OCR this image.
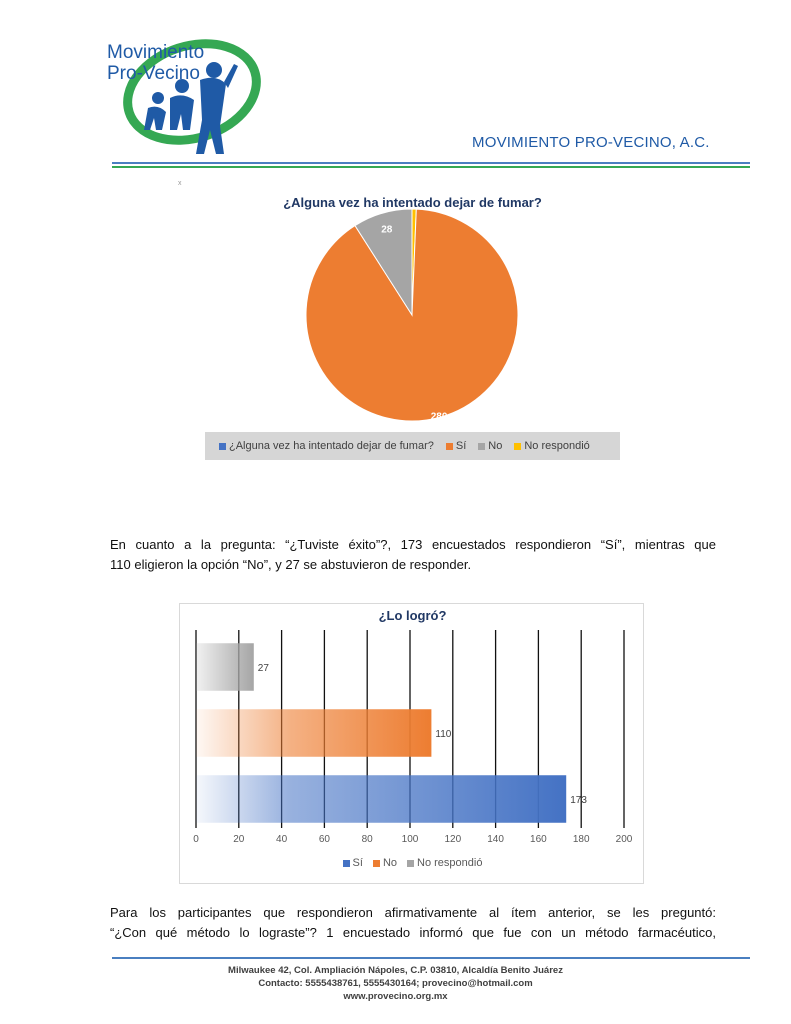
Movimiento
Pro-Vecino
MOVIMIENTO PRO-VECINO, A.C.
x
280
28
¿Alguna vez ha intentado dejar de fumar?
¿Alguna vez ha intentado dejar de fumar? Sí No No respondió
En cuanto a la pregunta: “¿Tuviste éxito”?, 173 encuestados respondieron “Sí”, mientras que
110 eligieron la opción “No”, y 27 se abstuvieron de responder.
0	20	40	60	80	100	120	140	160	180	200
173
110
27
¿Lo logró?
Sí No No respondió
Para los participantes que respondieron afirmativamente al ítem anterior, se les preguntó:
“¿Con qué método lo lograste”? 1 encuestado informó que fue con un método farmacéutico,
Milwaukee 42, Col. Ampliación Nápoles, C.P. 03810, Alcaldía Benito Juárez
Contacto: 5555438761, 5555430164; provecino@hotmail.com
www.provecino.org.mx
